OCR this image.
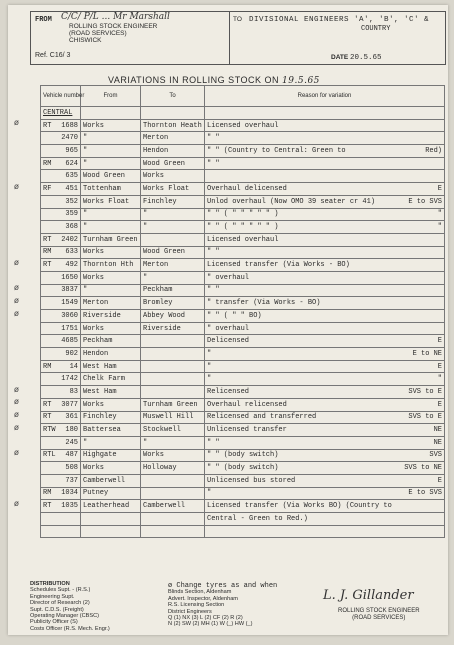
FROM C/C/ P/L ... Mr Marshall
ROLLING STOCK ENGINEER
(ROAD SERVICES)
CHISWICK
Ref. C16/ 3
TO DIVISIONAL ENGINEERS 'A', 'B', 'C' &
COUNTRY
DATE 20.5.65
VARIATIONS IN ROLLING STOCK ON 19.5.65
Vehicle number	From	To	Reason for variation
CENTRAL			

RT 1688	Works	Thornton Heath	Licensed overhaul

2470	"	Merton	" "

965	"	Hendon	" " (Country to Central: Green to Red)

RM 624	"	Wood Green	" "

635	Wood Green	Works	

RF 451	Tottenham	Works Float	Overhaul delicensed E

352	Works Float	Finchley	Unlod overhaul (Now OMO 39 seater cr 41) E to SVS

359	"	"	" " ( " " " " " ) "

368	"	"	" " ( " " " " " ) "

RT 2402	Turnham Green		Licensed overhaul

RM 633	Works	Wood Green	" "

RT 492	Thornton Hth	Merton	Licensed transfer (Via Works - BO)

1650	Works	"	" overhaul

3837	"	Peckham	" "

1549	Merton	Bromley	" transfer (Via Works - BO)

3060	Riverside	Abbey Wood	" " ( " " BO)

1751	Works	Riverside	" overhaul

4685	Peckham		Delicensed E

902	Hendon		" E to NE

RM 14	West Ham		" E

1742	Chelk Farm		" "

83	West Ham		Relicensed SVS to E

RT 3077	Works	Turnham Green	Overhaul relicensed E

RT 361	Finchley	Muswell Hill	Relicensed and transferred SVS to E

RTW 180	Battersea	Stockwell	Unlicensed transfer NE

245	"	"	" " NE

RTL 487	Highgate	Works	" " (body switch) SVS

508	Works	Holloway	" " (body switch) SVS to NE

737	Camberwell		Unlicensed bus stored E

RM 1034	Putney		" E to SVS

RT 1035	Leatherhead	Camberwell	Licensed transfer (Via Works BO) (Country to

			Central - Green to Red.)

ø
ø
ø
ø
ø
ø
ø
ø
ø
ø
ø
ø
DISTRIBUTION
Schedules Supt. - (R.S.)
Engineering Supt.
Director of Research (2)
Supt. C.D.S. (Freight)
Operating Manager (CBSC)
Publicity Officer (S)
Costs Officer (R.S. Mech. Engr.)
ø Change tyres as and when
Blinds Section, Aldenham
Advert. Inspector, Aldenham
R.S. Licensing Section
District Engineers
Q (1) NX (3) L (2) CF (2) R (2)
N (2) SW (2) MH (1) W (_) HW (_)
L. J. Gillander
ROLLING STOCK ENGINEER
(ROAD SERVICES)
